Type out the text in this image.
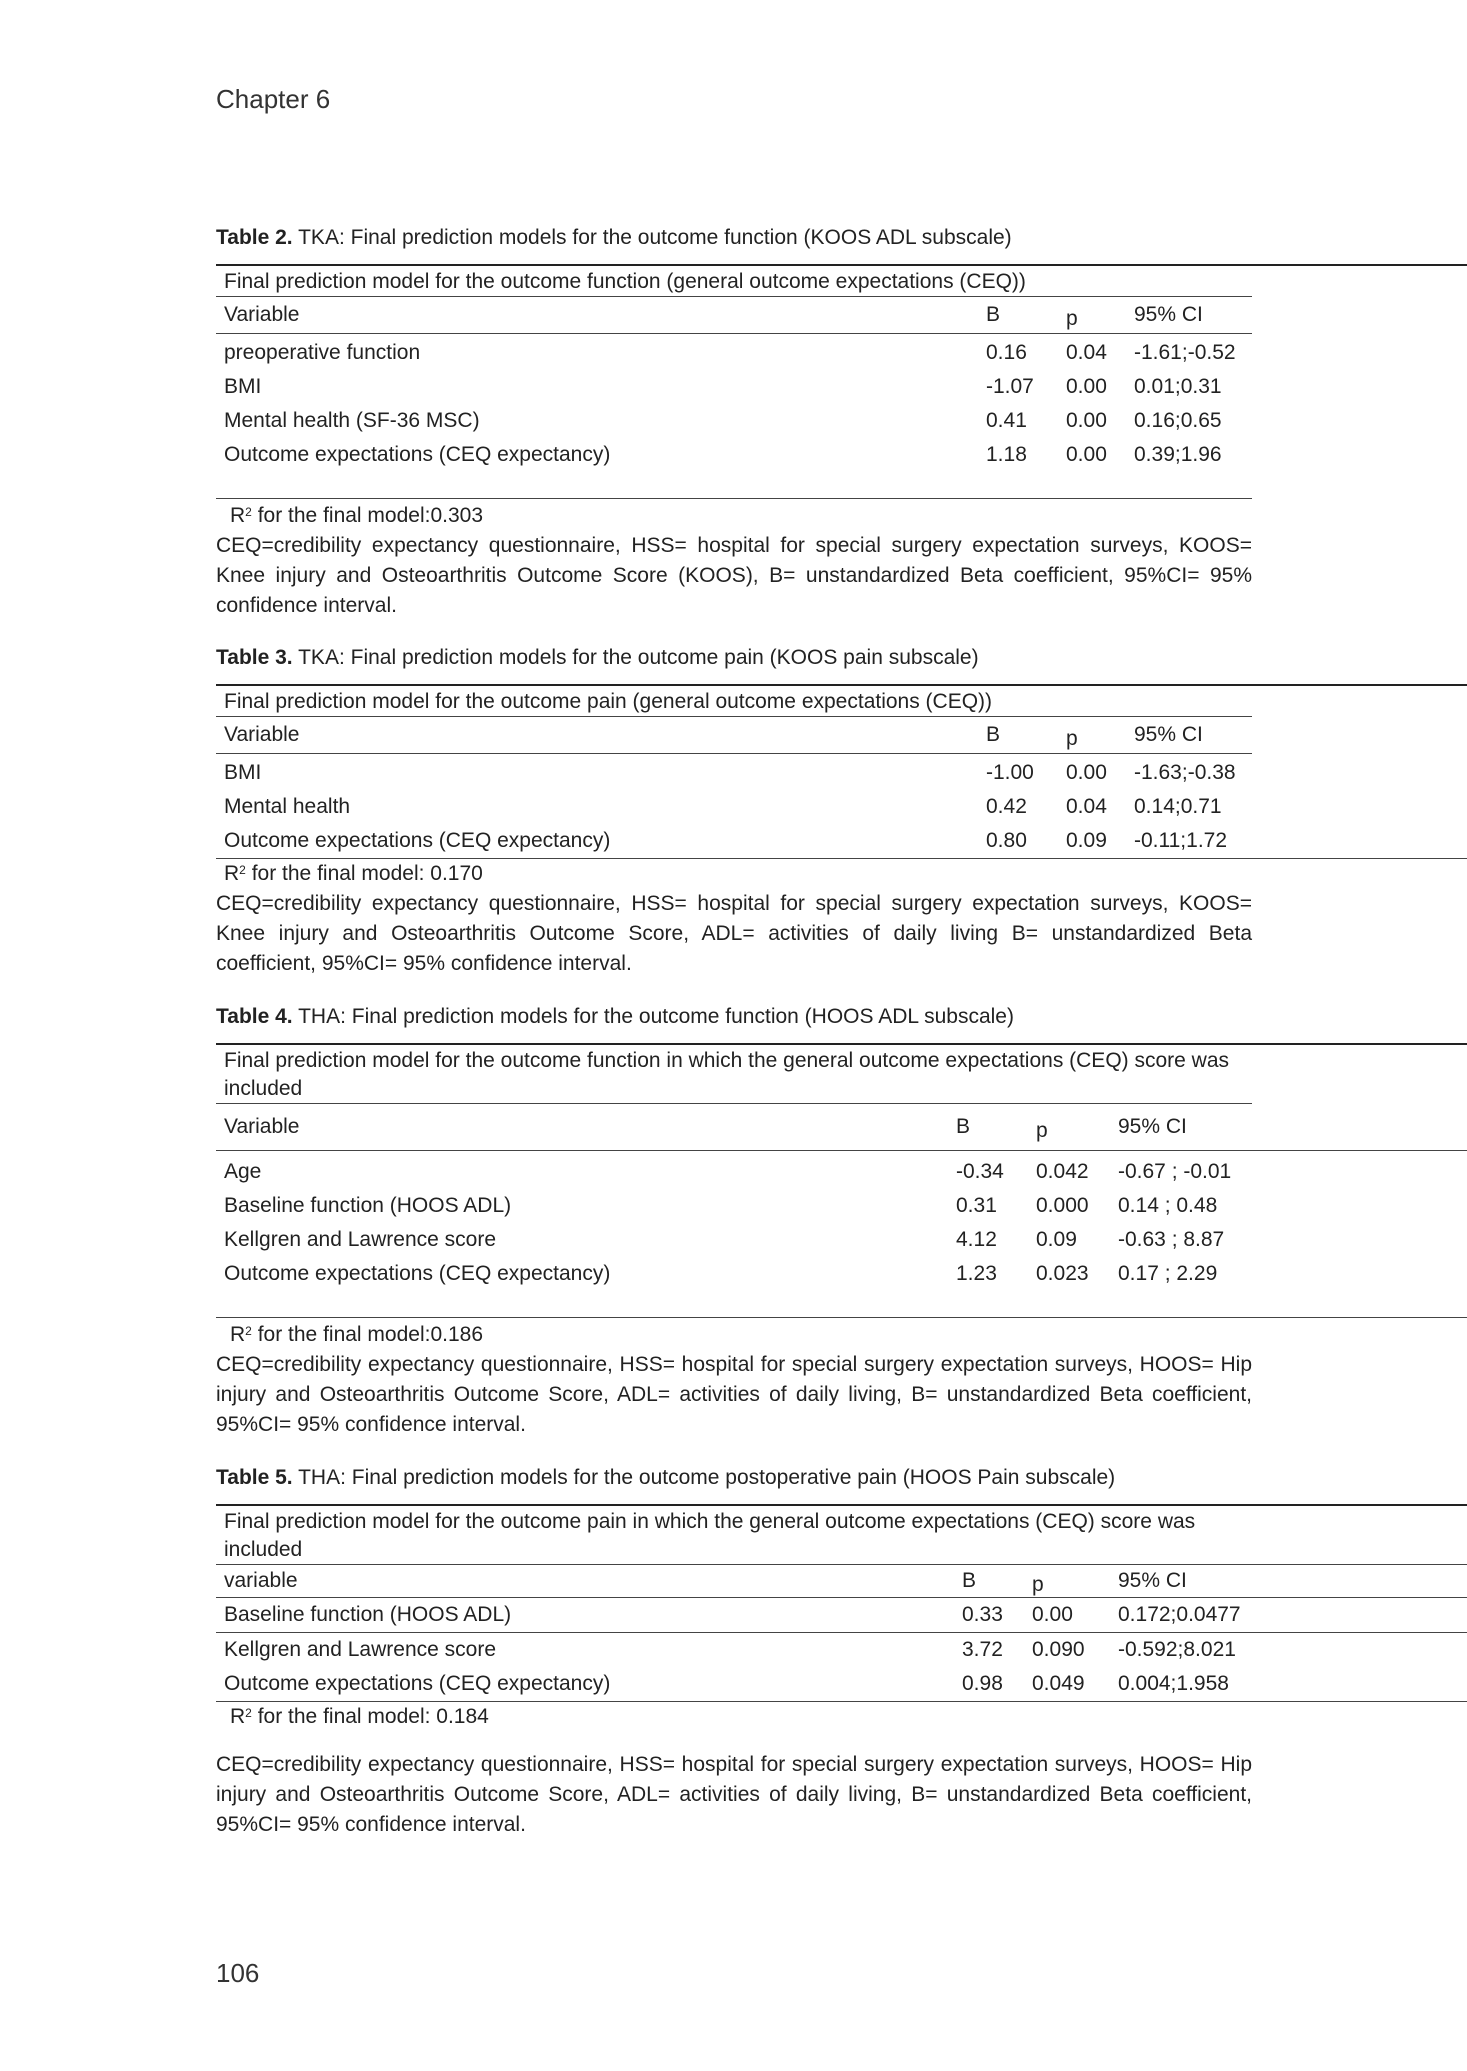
Chapter 6
Table 2. TKA: Final prediction models for the outcome function (KOOS ADL subscale)
Final prediction model for the outcome function (general outcome expectations (CEQ))
Variable	B	p	95% CI
preoperative function	0.16	0.04	-1.61;-0.52
BMI	-1.07	0.00	0.01;0.31
Mental health (SF-36 MSC)	0.41	0.00	0.16;0.65
Outcome expectations (CEQ expectancy)	1.18	0.00	0.39;1.96
$R^2$ for the final model:0.303
CEQ=credibility expectancy questionnaire, HSS= hospital for special surgery expectation surveys, KOOS= Knee injury and Osteoarthritis Outcome Score (KOOS), B= unstandardized Beta coefficient, 95%CI= 95% confidence interval.
Table 3. TKA: Final prediction models for the outcome pain (KOOS pain subscale)
Final prediction model for the outcome pain (general outcome expectations (CEQ))
Variable	B	p	95% CI
BMI	-1.00	0.00	-1.63;-0.38
Mental health	0.42	0.04	0.14;0.71
Outcome expectations (CEQ expectancy)	0.80	0.09	-0.11;1.72
$R^2$ for the final model: 0.170
CEQ=credibility expectancy questionnaire, HSS= hospital for special surgery expectation surveys, KOOS= Knee injury and Osteoarthritis Outcome Score, ADL= activities of daily living B= unstandardized Beta coefficient, 95%CI= 95% confidence interval.
Table 4. THA: Final prediction models for the outcome function (HOOS ADL subscale)
Final prediction model for the outcome function in which the general outcome expectations (CEQ) score was included
Variable	B	p	95% CI
Age	-0.34	0.042	-0.67 ; -0.01
Baseline function (HOOS ADL)	0.31	0.000	0.14 ; 0.48
Kellgren and Lawrence score	4.12	0.09	-0.63 ; 8.87
Outcome expectations (CEQ expectancy)	1.23	0.023	0.17 ; 2.29
$R^2$ for the final model:0.186
CEQ=credibility expectancy questionnaire, HSS= hospital for special surgery expectation surveys, HOOS= Hip injury and Osteoarthritis Outcome Score, ADL= activities of daily living, B= unstandardized Beta coefficient, 95%CI= 95% confidence interval.
Table 5. THA: Final prediction models for the outcome postoperative pain (HOOS Pain subscale)
Final prediction model for the outcome pain in which the general outcome expectations (CEQ) score was included
variable	B	p	95% CI
Baseline function (HOOS ADL)	0.33	0.00	0.172;0.0477
Kellgren and Lawrence score	3.72	0.090	-0.592;8.021
Outcome expectations (CEQ expectancy)	0.98	0.049	0.004;1.958
$R^2$ for the final model: 0.184
CEQ=credibility expectancy questionnaire, HSS= hospital for special surgery expectation surveys, HOOS= Hip injury and Osteoarthritis Outcome Score, ADL= activities of daily living, B= unstandardized Beta coefficient, 95%CI= 95% confidence interval.
106
